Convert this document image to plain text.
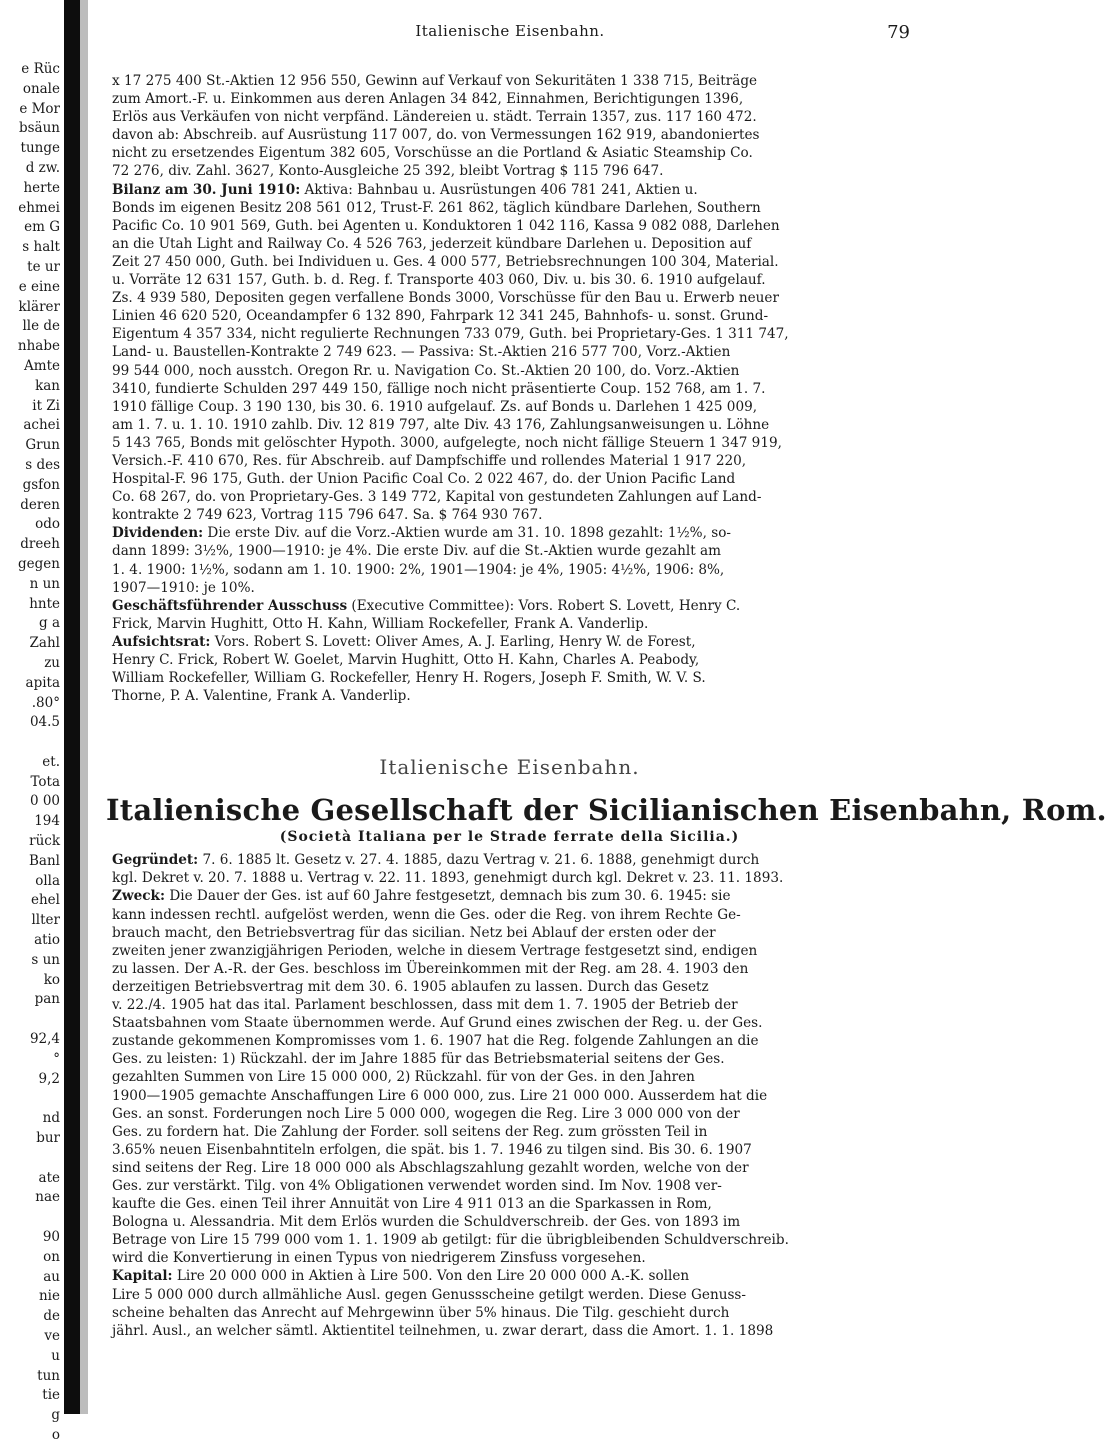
e Rüc
onale
e Mor
bsäun
tunge
d zw.
herte
ehmei
em G
s halt
te ur
e eine
klärer
lle de
nhabe
Amte
kan
it Zi
achei
Grun
s des
gsfon
deren
odo
dreeh
gegen
n un
hnte
g a
Zahl
zu
apita
.80°
04.5

et.
Tota
0 00
194
rück
Banl
olla
ehel
llter
atio
s un
ko
pan

92,4
°
9,2

nd
bur

ate
nae

90
on
au
nie
de
ve
u
tun
tie
g
o
Italienische Eisenbahn.	79
x 17 275 400 St.-Aktien 12 956 550, Gewinn auf Verkauf von Sekuritäten 1 338 715, Beiträge
zum Amort.-F. u. Einkommen aus deren Anlagen 34 842, Einnahmen, Berichtigungen 1396,
Erlös aus Verkäufen von nicht verpfänd. Ländereien u. städt. Terrain 1357, zus. 117 160 472.
davon ab: Abschreib. auf Ausrüstung 117 007, do. von Vermessungen 162 919, abandoniertes
nicht zu ersetzendes Eigentum 382 605, Vorschüsse an die Portland & Asiatic Steamship Co.
72 276, div. Zahl. 3627, Konto-Ausgleiche 25 392, bleibt Vortrag $ 115 796 647.
Bilanz am 30. Juni 1910: Aktiva: Bahnbau u. Ausrüstungen 406 781 241, Aktien u.
Bonds im eigenen Besitz 208 561 012, Trust-F. 261 862, täglich kündbare Darlehen, Southern
Pacific Co. 10 901 569, Guth. bei Agenten u. Konduktoren 1 042 116, Kassa 9 082 088, Darlehen
an die Utah Light and Railway Co. 4 526 763, jederzeit kündbare Darlehen u. Deposition auf
Zeit 27 450 000, Guth. bei Individuen u. Ges. 4 000 577, Betriebsrechnungen 100 304, Material.
u. Vorräte 12 631 157, Guth. b. d. Reg. f. Transporte 403 060, Div. u. bis 30. 6. 1910 aufgelauf.
Zs. 4 939 580, Depositen gegen verfallene Bonds 3000, Vorschüsse für den Bau u. Erwerb neuer
Linien 46 620 520, Oceandampfer 6 132 890, Fahrpark 12 341 245, Bahnhofs- u. sonst. Grund-
Eigentum 4 357 334, nicht regulierte Rechnungen 733 079, Guth. bei Proprietary-Ges. 1 311 747,
Land- u. Baustellen-Kontrakte 2 749 623. — Passiva: St.-Aktien 216 577 700, Vorz.-Aktien
99 544 000, noch ausstch. Oregon Rr. u. Navigation Co. St.-Aktien 20 100, do. Vorz.-Aktien
3410, fundierte Schulden 297 449 150, fällige noch nicht präsentierte Coup. 152 768, am 1. 7.
1910 fällige Coup. 3 190 130, bis 30. 6. 1910 aufgelauf. Zs. auf Bonds u. Darlehen 1 425 009,
am 1. 7. u. 1. 10. 1910 zahlb. Div. 12 819 797, alte Div. 43 176, Zahlungsanweisungen u. Löhne
5 143 765, Bonds mit gelöschter Hypoth. 3000, aufgelegte, noch nicht fällige Steuern 1 347 919,
Versich.-F. 410 670, Res. für Abschreib. auf Dampfschiffe und rollendes Material 1 917 220,
Hospital-F. 96 175, Guth. der Union Pacific Coal Co. 2 022 467, do. der Union Pacific Land
Co. 68 267, do. von Proprietary-Ges. 3 149 772, Kapital von gestundeten Zahlungen auf Land-
kontrakte 2 749 623, Vortrag 115 796 647. Sa. $ 764 930 767.
Dividenden: Die erste Div. auf die Vorz.-Aktien wurde am 31. 10. 1898 gezahlt: 1½%, so-
dann 1899: 3½%, 1900—1910: je 4%. Die erste Div. auf die St.-Aktien wurde gezahlt am
1. 4. 1900: 1½%, sodann am 1. 10. 1900: 2%, 1901—1904: je 4%, 1905: 4½%, 1906: 8%,
1907—1910: je 10%.
Geschäftsführender Ausschuss (Executive Committee): Vors. Robert S. Lovett, Henry C.
Frick, Marvin Hughitt, Otto H. Kahn, William Rockefeller, Frank A. Vanderlip.
Aufsichtsrat: Vors. Robert S. Lovett: Oliver Ames, A. J. Earling, Henry W. de Forest,
Henry C. Frick, Robert W. Goelet, Marvin Hughitt, Otto H. Kahn, Charles A. Peabody,
William Rockefeller, William G. Rockefeller, Henry H. Rogers, Joseph F. Smith, W. V. S.
Thorne, P. A. Valentine, Frank A. Vanderlip.
Italienische Eisenbahn.
Italienische Gesellschaft der Sicilianischen Eisenbahn, Rom.
(Società Italiana per le Strade ferrate della Sicilia.)
Gegründet: 7. 6. 1885 lt. Gesetz v. 27. 4. 1885, dazu Vertrag v. 21. 6. 1888, genehmigt durch
kgl. Dekret v. 20. 7. 1888 u. Vertrag v. 22. 11. 1893, genehmigt durch kgl. Dekret v. 23. 11. 1893.
Zweck: Die Dauer der Ges. ist auf 60 Jahre festgesetzt, demnach bis zum 30. 6. 1945: sie
kann indessen rechtl. aufgelöst werden, wenn die Ges. oder die Reg. von ihrem Rechte Ge-
brauch macht, den Betriebsvertrag für das sicilian. Netz bei Ablauf der ersten oder der
zweiten jener zwanzigjährigen Perioden, welche in diesem Vertrage festgesetzt sind, endigen
zu lassen. Der A.-R. der Ges. beschloss im Übereinkommen mit der Reg. am 28. 4. 1903 den
derzeitigen Betriebsvertrag mit dem 30. 6. 1905 ablaufen zu lassen. Durch das Gesetz
v. 22./4. 1905 hat das ital. Parlament beschlossen, dass mit dem 1. 7. 1905 der Betrieb der
Staatsbahnen vom Staate übernommen werde. Auf Grund eines zwischen der Reg. u. der Ges.
zustande gekommenen Kompromisses vom 1. 6. 1907 hat die Reg. folgende Zahlungen an die
Ges. zu leisten: 1) Rückzahl. der im Jahre 1885 für das Betriebsmaterial seitens der Ges.
gezahlten Summen von Lire 15 000 000, 2) Rückzahl. für von der Ges. in den Jahren
1900—1905 gemachte Anschaffungen Lire 6 000 000, zus. Lire 21 000 000. Ausserdem hat die
Ges. an sonst. Forderungen noch Lire 5 000 000, wogegen die Reg. Lire 3 000 000 von der
Ges. zu fordern hat. Die Zahlung der Forder. soll seitens der Reg. zum grössten Teil in
3.65% neuen Eisenbahntiteln erfolgen, die spät. bis 1. 7. 1946 zu tilgen sind. Bis 30. 6. 1907
sind seitens der Reg. Lire 18 000 000 als Abschlagszahlung gezahlt worden, welche von der
Ges. zur verstärkt. Tilg. von 4% Obligationen verwendet worden sind. Im Nov. 1908 ver-
kaufte die Ges. einen Teil ihrer Annuität von Lire 4 911 013 an die Sparkassen in Rom,
Bologna u. Alessandria. Mit dem Erlös wurden die Schuldverschreib. der Ges. von 1893 im
Betrage von Lire 15 799 000 vom 1. 1. 1909 ab getilgt: für die übrigbleibenden Schuldverschreib.
wird die Konvertierung in einen Typus von niedrigerem Zinsfuss vorgesehen.
Kapital: Lire 20 000 000 in Aktien à Lire 500. Von den Lire 20 000 000 A.-K. sollen
Lire 5 000 000 durch allmähliche Ausl. gegen Genussscheine getilgt werden. Diese Genuss-
scheine behalten das Anrecht auf Mehrgewinn über 5% hinaus. Die Tilg. geschieht durch
jährl. Ausl., an welcher sämtl. Aktientitel teilnehmen, u. zwar derart, dass die Amort. 1. 1. 1898
